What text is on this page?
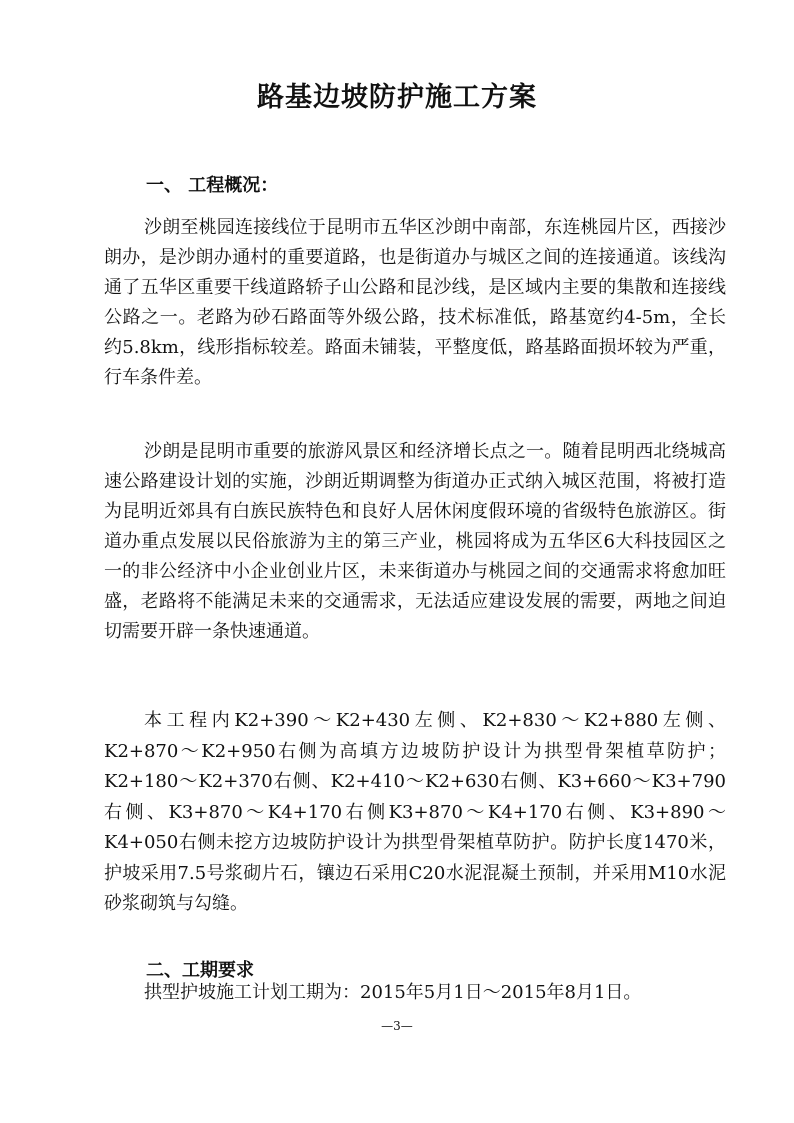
路基边坡防护施工方案
一、 工程概况：
沙朗至桃园连接线位于昆明市五华区沙朗中南部，东连桃园片区，西接沙朗办，是沙朗办通村的重要道路，也是街道办与城区之间的连接通道。该线沟通了五华区重要干线道路轿子山公路和昆沙线，是区域内主要的集散和连接线公路之一。老路为砂石路面等外级公路，技术标准低，路基宽约4-5m，全长约5.8km，线形指标较差。路面未铺装，平整度低，路基路面损坏较为严重，行车条件差。
沙朗是昆明市重要的旅游风景区和经济增长点之一。随着昆明西北绕城高速公路建设计划的实施，沙朗近期调整为街道办正式纳入城区范围，将被打造为昆明近郊具有白族民族特色和良好人居休闲度假环境的省级特色旅游区。街道办重点发展以民俗旅游为主的第三产业，桃园将成为五华区6大科技园区之一的非公经济中小企业创业片区，未来街道办与桃园之间的交通需求将愈加旺盛，老路将不能满足未来的交通需求，无法适应建设发展的需要，两地之间迫切需要开辟一条快速通道。
本工程内K2+390～K2+430左侧、K2+830～K2+880左侧、K2+870～K2+950右侧为高填方边坡防护设计为拱型骨架植草防护；K2+180～K2+370右侧、K2+410～K2+630右侧、K3+660～K3+790右侧、K3+870～K4+170右侧K3+870～K4+170右侧、K3+890～K4+050右侧未挖方边坡防护设计为拱型骨架植草防护。防护长度1470米，护坡采用7.5号浆砌片石，镶边石采用C20水泥混凝土预制，并采用M10水泥砂浆砌筑与勾缝。
二、工期要求
拱型护坡施工计划工期为：2015年5月1日～2015年8月1日。
—3—
